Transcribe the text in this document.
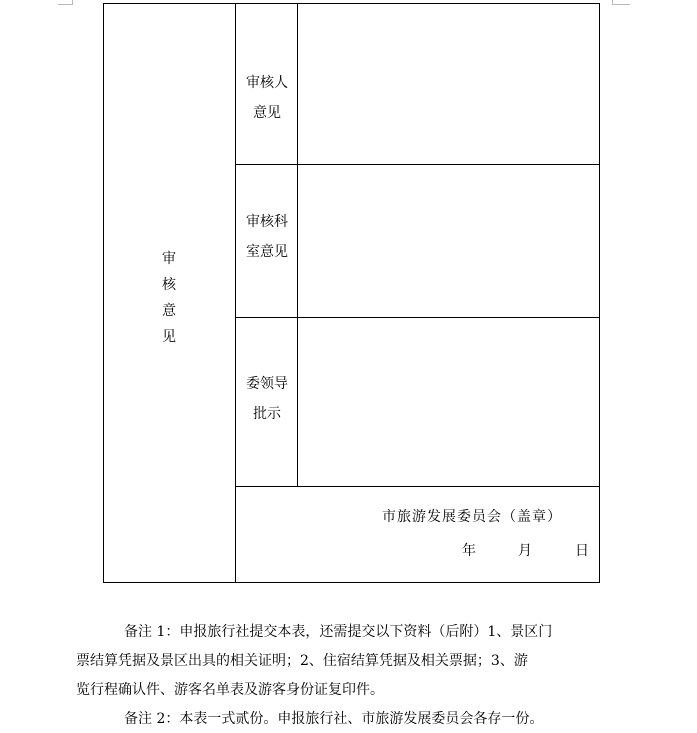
审
核
意
见
审核人
意见
审核科
室意见
委领导
批示
市旅游发展委员会（盖章）
年	月	日
备注 1：申报旅行社提交本表，还需提交以下资料（后附）1、景区门
票结算凭据及景区出具的相关证明；2、住宿结算凭据及相关票据；3、游
览行程确认件、游客名单表及游客身份证复印件。
备注 2：本表一式贰份。申报旅行社、市旅游发展委员会各存一份。
